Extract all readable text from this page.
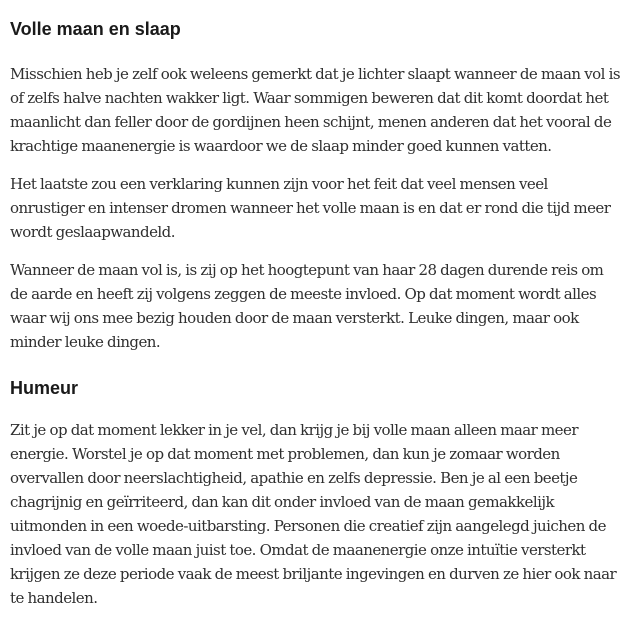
Volle maan en slaap

Misschien heb je zelf ook weleens gemerkt dat je lichter slaapt wanneer de maan vol is of zelfs halve nachten wakker ligt. Waar sommigen beweren dat dit komt doordat het maanlicht dan feller door de gordijnen heen schijnt, menen anderen dat het vooral de krachtige maanenergie is waardoor we de slaap minder goed kunnen vatten.

Het laatste zou een verklaring kunnen zijn voor het feit dat veel mensen veel onrustiger en intenser dromen wanneer het volle maan is en dat er rond die tijd meer wordt geslaapwandeld.

Wanneer de maan vol is, is zij op het hoogtepunt van haar 28 dagen durende reis om de aarde en heeft zij volgens zeggen de meeste invloed. Op dat moment wordt alles waar wij ons mee bezig houden door de maan versterkt. Leuke dingen, maar ook minder leuke dingen.

Humeur

Zit je op dat moment lekker in je vel, dan krijg je bij volle maan alleen maar meer energie. Worstel je op dat moment met problemen, dan kun je zomaar worden overvallen door neerslachtigheid, apathie en zelfs depressie. Ben je al een beetje chagrijnig en geïrriteerd, dan kan dit onder invloed van de maan gemakkelijk uitmonden in een woede-uitbarsting. Personen die creatief zijn aangelegd juichen de invloed van de volle maan juist toe. Omdat de maanenergie onze intuïtie versterkt krijgen ze deze periode vaak de meest briljante ingevingen en durven ze hier ook naar te handelen.
